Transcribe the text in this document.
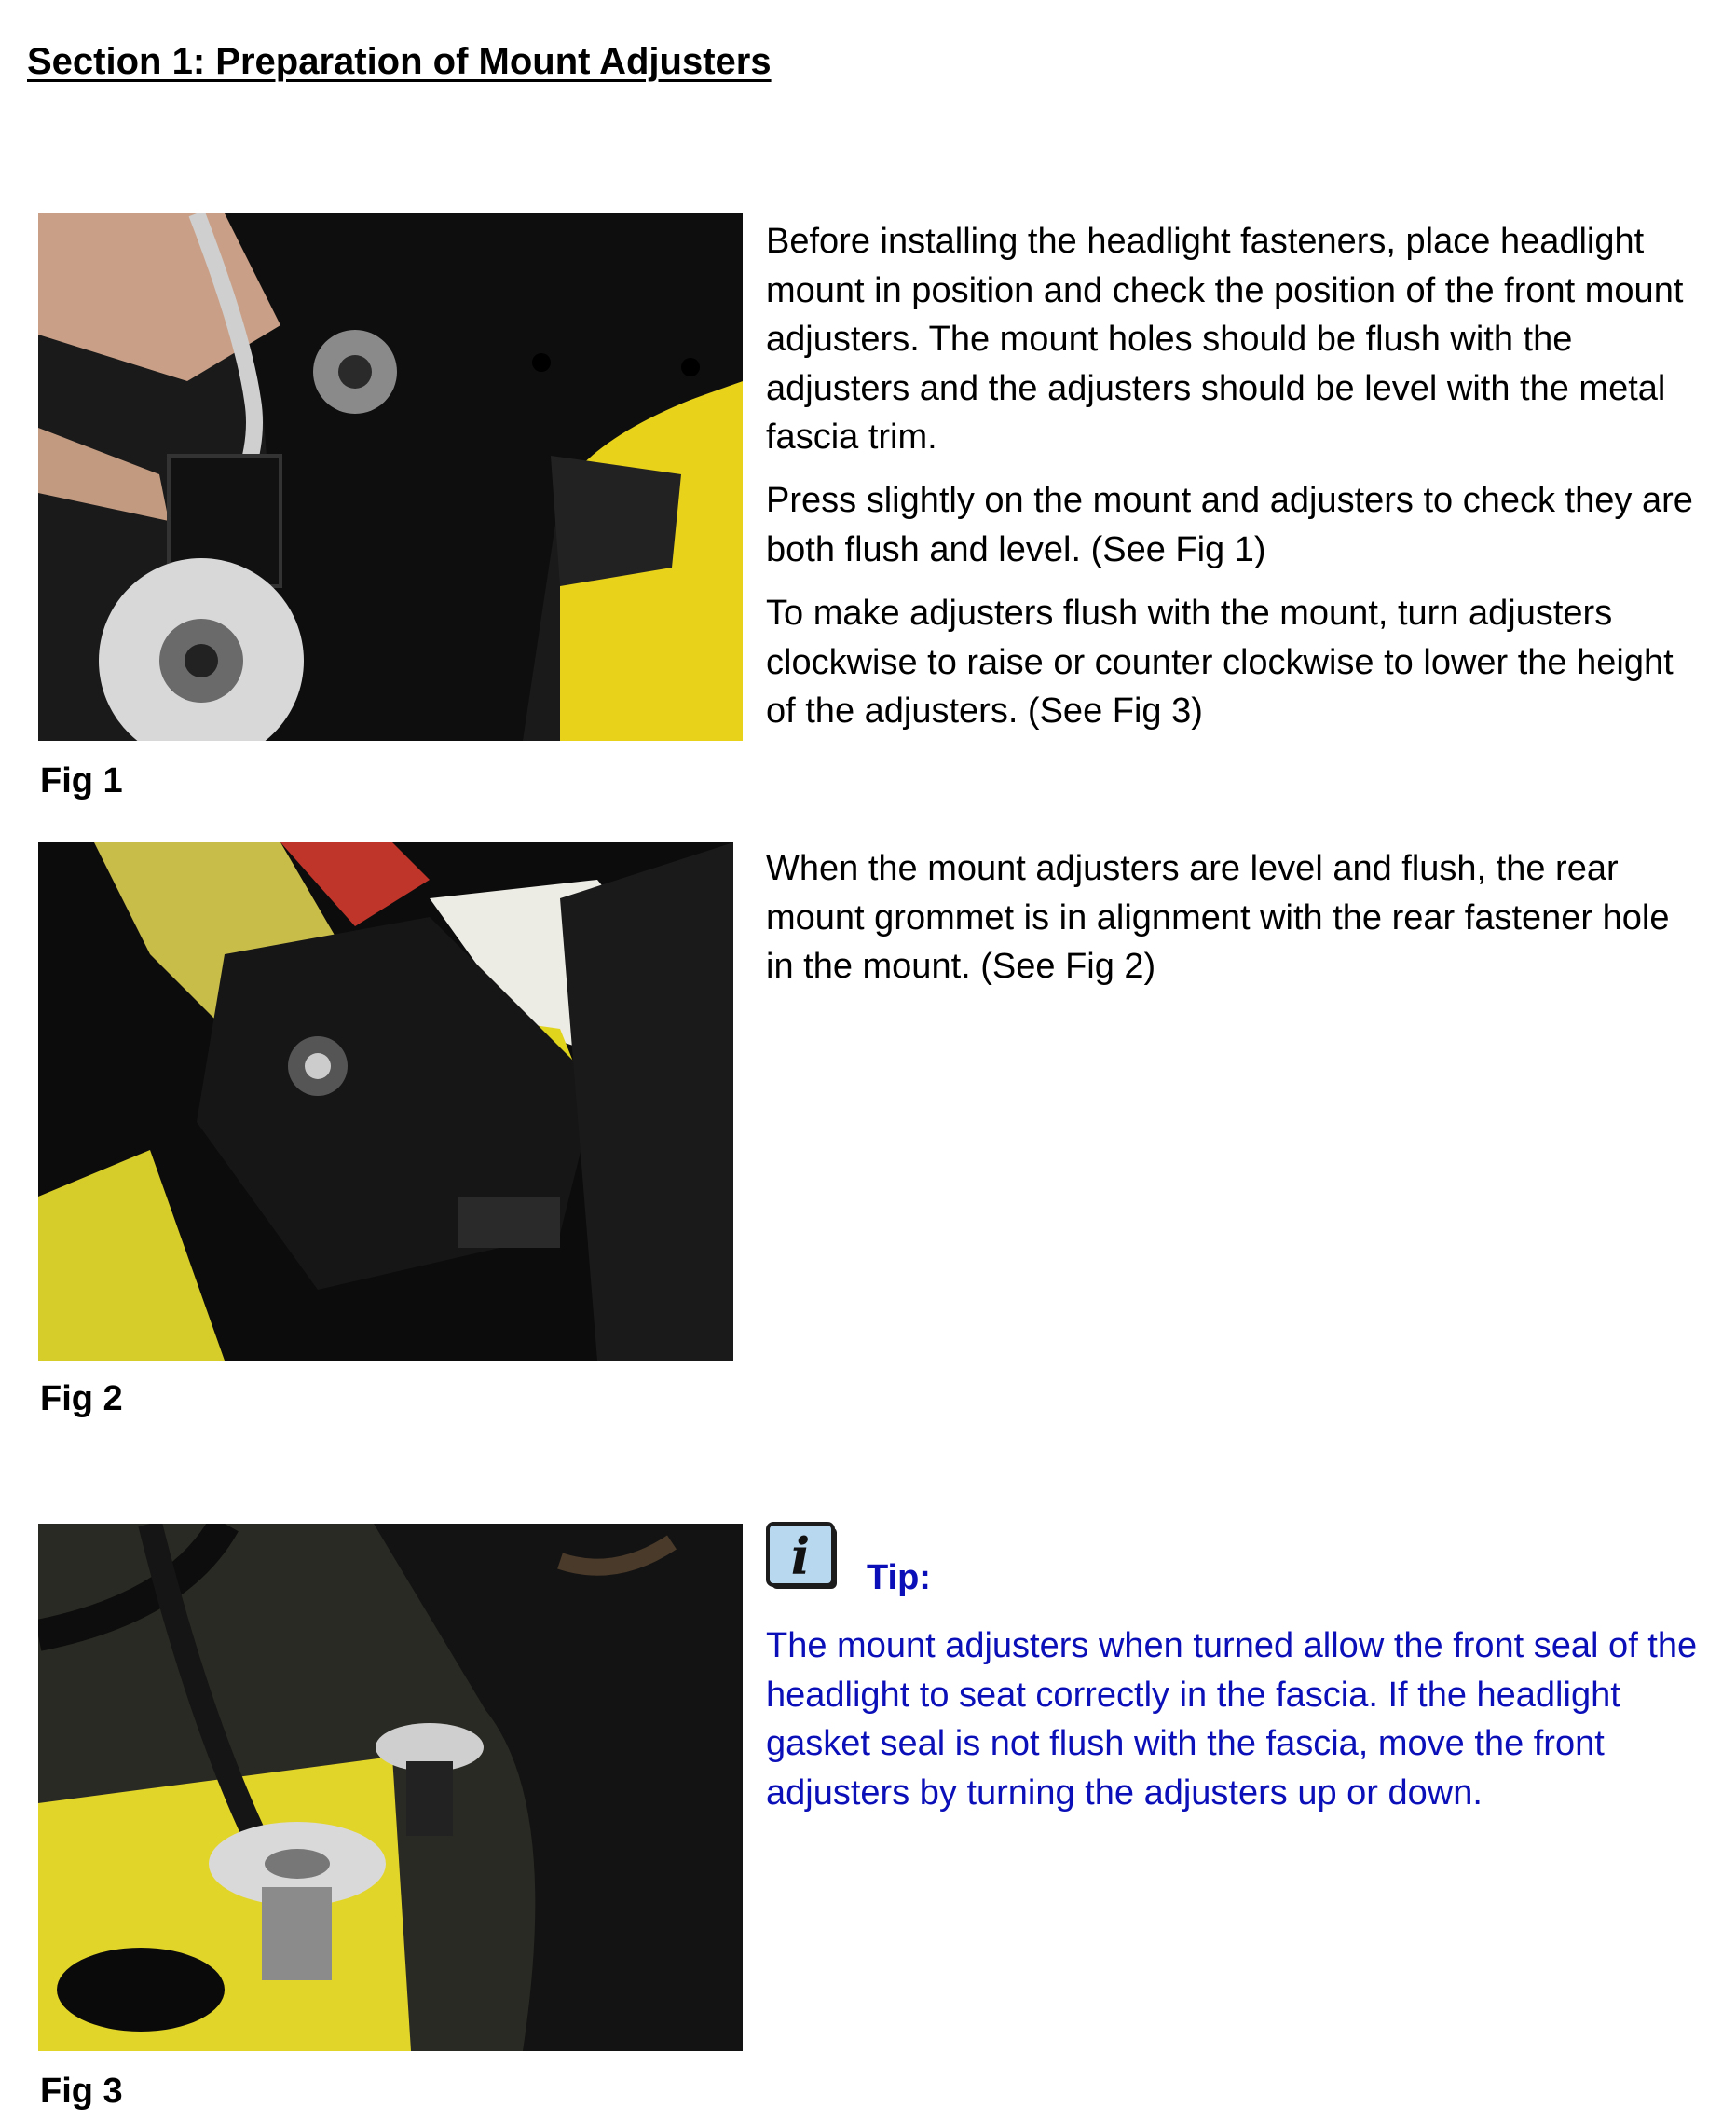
Section 1: Preparation of Mount Adjusters

Fig 1

Fig 2

Fig 3

Before installing the headlight fasteners, place headlight mount in position and check the position of the front mount adjusters. The mount holes should be flush with the adjusters and the adjusters should be level with the metal fascia trim.

Press slightly on the mount and adjusters to check they are both flush and level. (See Fig 1)

To make adjusters flush with the mount, turn adjusters clockwise to raise or counter clockwise to lower the height of the adjusters. (See Fig 3)

When the mount adjusters are level and flush, the rear mount grommet is in alignment with the rear fastener hole in the mount. (See Fig 2)

i Tip:

The mount adjusters when turned allow the front seal of the headlight to seat correctly in the fascia. If the headlight gasket seal is not flush with the fascia, move the front adjusters by turning the adjusters up or down.
